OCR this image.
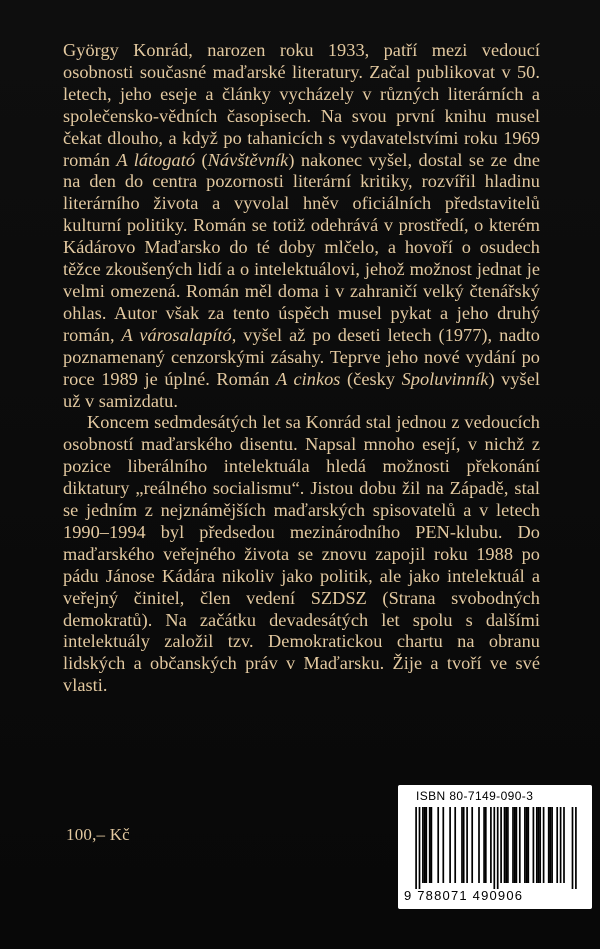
György Konrád, narozen roku 1933, patří mezi vedoucí osobnosti současné maďarské literatury. Začal publikovat v 50. letech, jeho eseje a články vycházely v různých literárních a společensko-vědních časopisech. Na svou první knihu musel čekat dlouho, a když po tahanicích s vydavatelstvími roku 1969 román A látogató (Návštěvník) nakonec vyšel, dostal se ze dne na den do centra pozornosti literární kritiky, rozvířil hladinu literárního života a vyvolal hněv oficiálních představitelů kulturní politiky. Román se totiž odehrává v prostředí, o kterém Kádárovo Maďarsko do té doby mlčelo, a hovoří o osudech těžce zkoušených lidí a o intelektuálovi, jehož možnost jednat je velmi omezená. Román měl doma i v zahraničí velký čtenářský ohlas. Autor však za tento úspěch musel pykat a jeho druhý román, A városalapító, vyšel až po deseti letech (1977), nadto poznamenaný cenzorskými zásahy. Teprve jeho nové vydání po roce 1989 je úplné. Román A cinkos (česky Spoluvinník) vyšel už v samizdatu.

Koncem sedmdesátých let sa Konrád stal jednou z vedoucích osobností maďarského disentu. Napsal mnoho esejí, v nichž z pozice liberálního intelektuála hledá možnosti překonání diktatury „reálného socialismu“. Jistou dobu žil na Západě, stal se jedním z nejznámějších maďarských spisovatelů a v letech 1990–1994 byl předsedou mezinárodního PEN-klubu. Do maďarského veřejného života se znovu zapojil roku 1988 po pádu Jánose Kádára nikoliv jako politik, ale jako intelektuál a veřejný činitel, člen vedení SZDSZ (Strana svobodných demokratů). Na začátku devadesátých let spolu s dalšími intelektuály založil tzv. Demokratickou chartu na obranu lidských a občanských práv v Maďarsku. Žije a tvoří ve své vlasti.

100,– Kč
ISBN 80-7149-090-3
9 788071 490906
